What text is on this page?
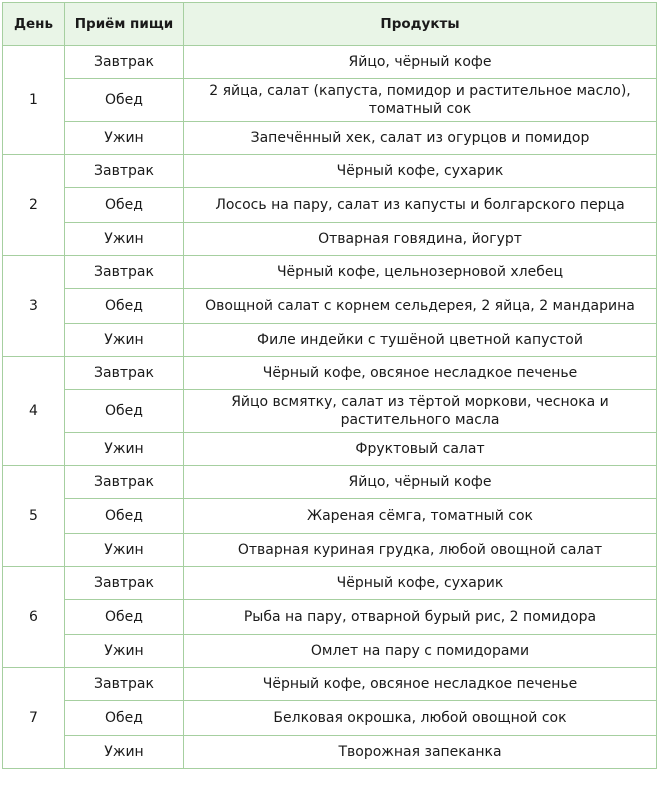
День	Приём пищи	Продукты
1	Завтрак	Яйцо, чёрный кофе
	Обед	2 яйца, салат (капуста, помидор и растительное масло), томатный сок
	Ужин	Запечённый хек, салат из огурцов и помидор
2	Завтрак	Чёрный кофе, сухарик
	Обед	Лосось на пару, салат из капусты и болгарского перца
	Ужин	Отварная говядина, йогурт
3	Завтрак	Чёрный кофе, цельнозерновой хлебец
	Обед	Овощной салат с корнем сельдерея, 2 яйца, 2 мандарина
	Ужин	Филе индейки с тушёной цветной капустой
4	Завтрак	Чёрный кофе, овсяное несладкое печенье
	Обед	Яйцо всмятку, салат из тёртой моркови, чеснока и растительного масла
	Ужин	Фруктовый салат
5	Завтрак	Яйцо, чёрный кофе
	Обед	Жареная сёмга, томатный сок
	Ужин	Отварная куриная грудка, любой овощной салат
6	Завтрак	Чёрный кофе, сухарик
	Обед	Рыба на пару, отварной бурый рис, 2 помидора
	Ужин	Омлет на пару с помидорами
7	Завтрак	Чёрный кофе, овсяное несладкое печенье
	Обед	Белковая окрошка, любой овощной сок
	Ужин	Творожная запеканка
